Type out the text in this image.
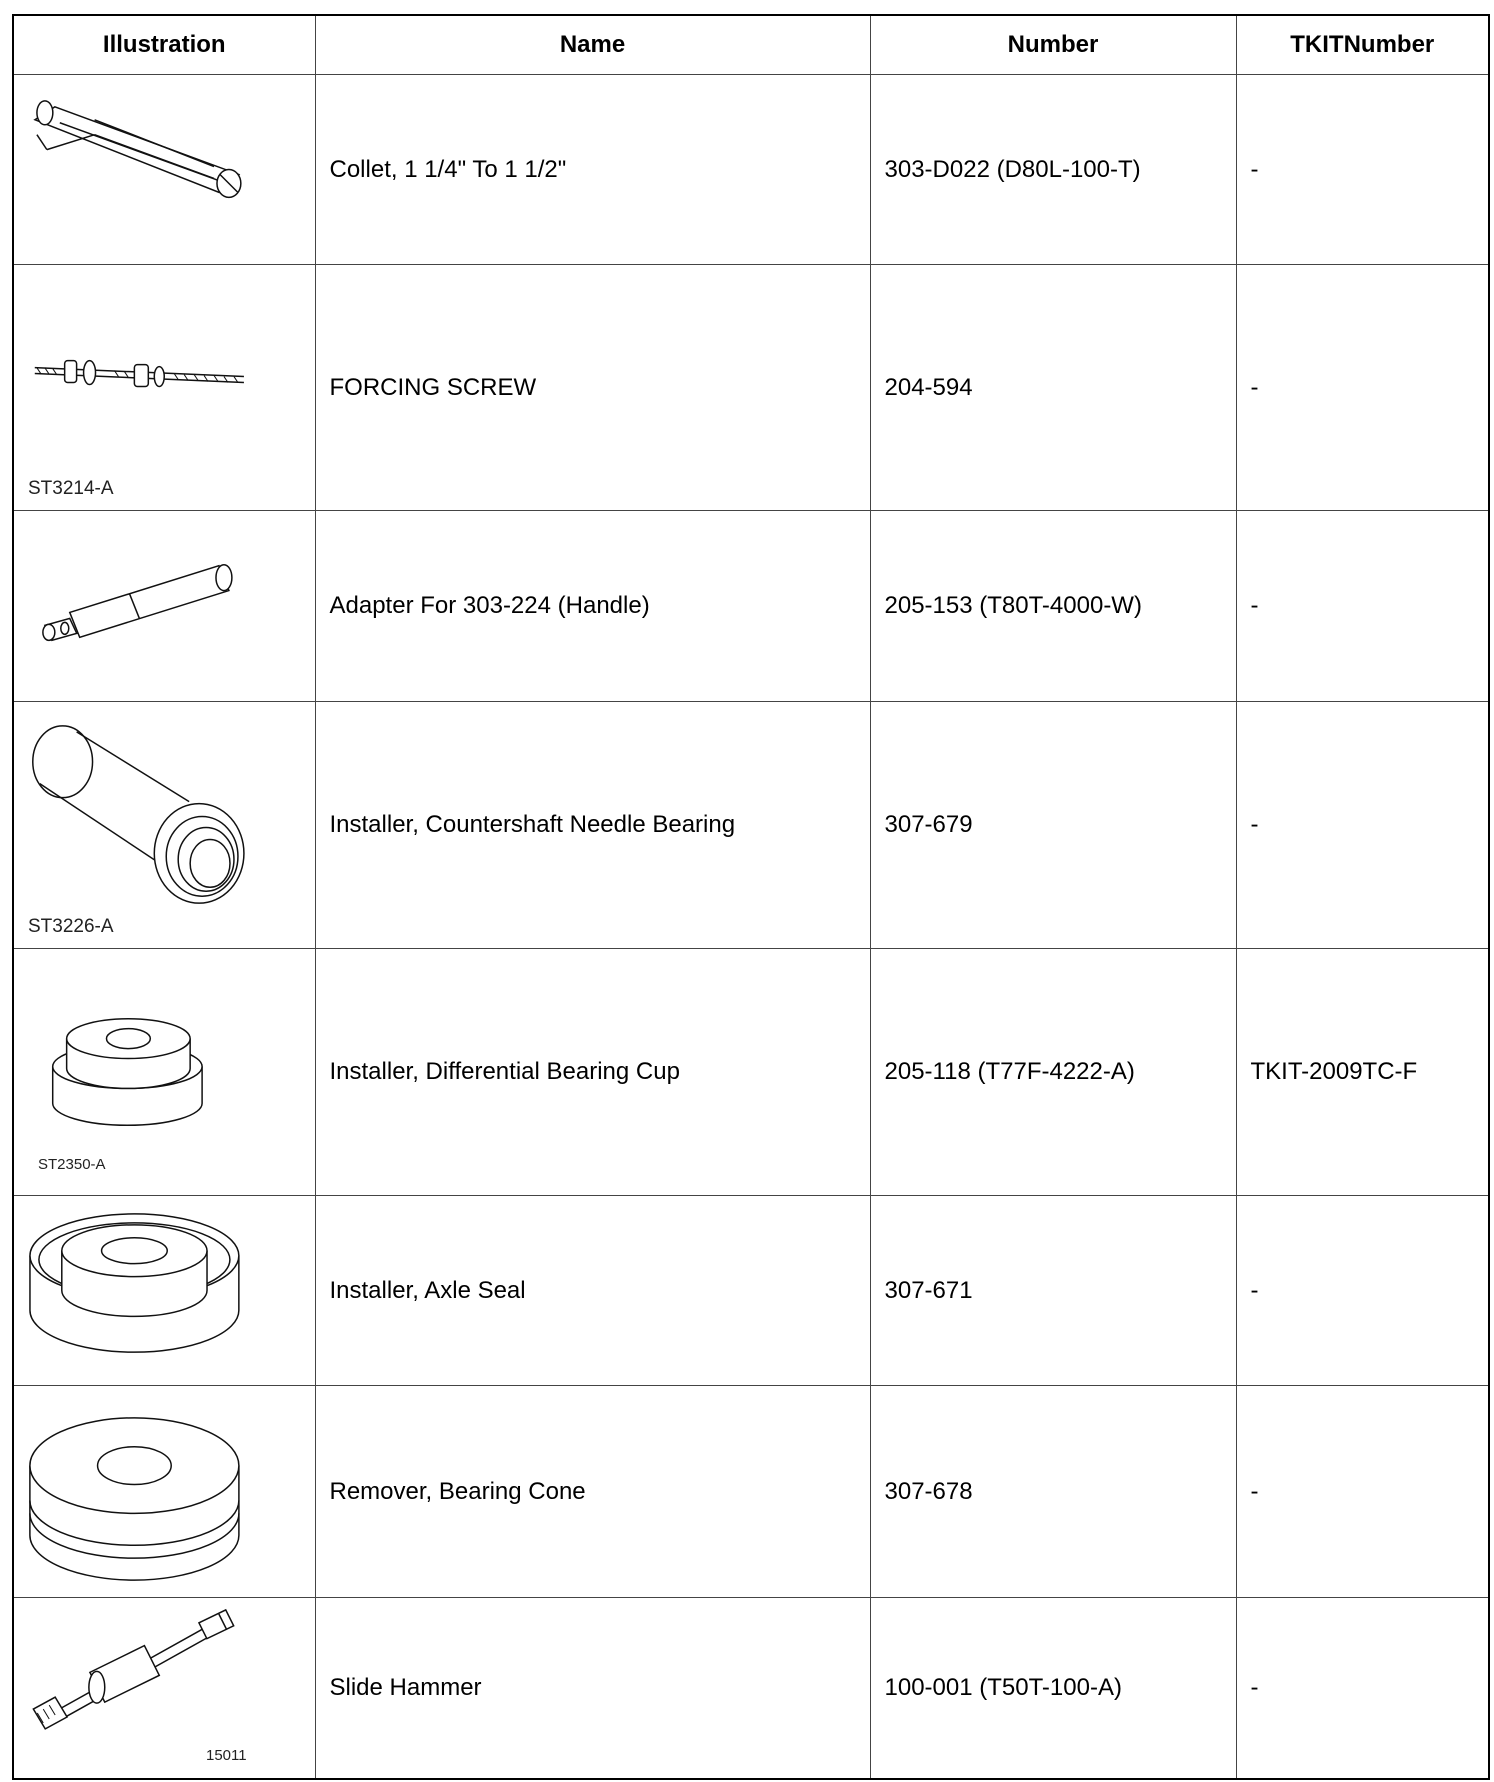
Illustration	Name	Number	TKITNumber

	Collet, 1 1/4" To 1 1/2"	303-D022 (D80L-100-T)	-

ST3214-A	FORCING SCREW	204-594	-

	Adapter For 303-224 (Handle)	205-153 (T80T-4000-W)	-

ST3226-A	Installer, Countershaft Needle Bearing	307-679	-

ST2350-A	Installer, Differential Bearing Cup	205-118 (T77F-4222-A)	TKIT-2009TC-F

	Installer, Axle Seal	307-671	-

	Remover, Bearing Cone	307-678	-

15011	Slide Hammer	100-001 (T50T-100-A)	-
